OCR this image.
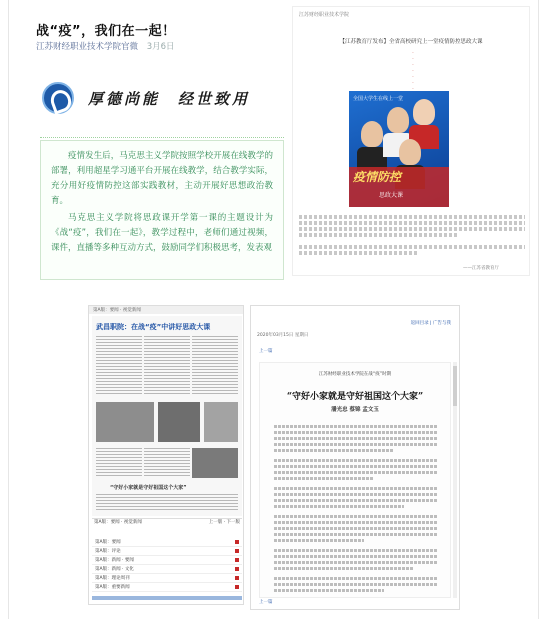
战“疫”，我们在一起！
江苏财经职业技术学院官微 3月6日
厚德尚能　经世致用

疫情发生后，马克思主义学院按照学校开展在线教学的部署，利用超星学习通平台开展在线教学，结合教学实际，充分用好疫情防控这部实践教材，主动开展好思想政治教育。

马克思主义学院将思政课开学第一课的主题设计为《战“疫”，我们在一起》，教学过程中，老师们通过视频，课件，直播等多种互动方式，鼓励同学们积极思考，发表观

江苏财经职业技术学院
【江苏教育厅发布】全省高校研究上一堂疫情防控思政大课
·
·
·
·
·
·
·
全国大学生在线上一堂
疫情防控
思政大课
——江苏省教育厅
第A版：要闻 · 视觉新闻
武昌职院：在战“疫”中讲好思政大课
“守好小家就是守好祖国这个大家”
第A版：要闻 · 视觉新闻	上一版 · 下一版
第A版：要闻
第A版：评论
第A版：新闻 · 要闻
第A版：新闻 · 文化
第A版：理论周刊
第A版：重要新闻
返回目录 | 广告与我
2020年03月15日 星期日
上一篇
江苏财经职业技术学院在战“疫”时期
“守好小家就是守好祖国这个大家”
潘光忠 蔡锦 孟文玉
上一篇
